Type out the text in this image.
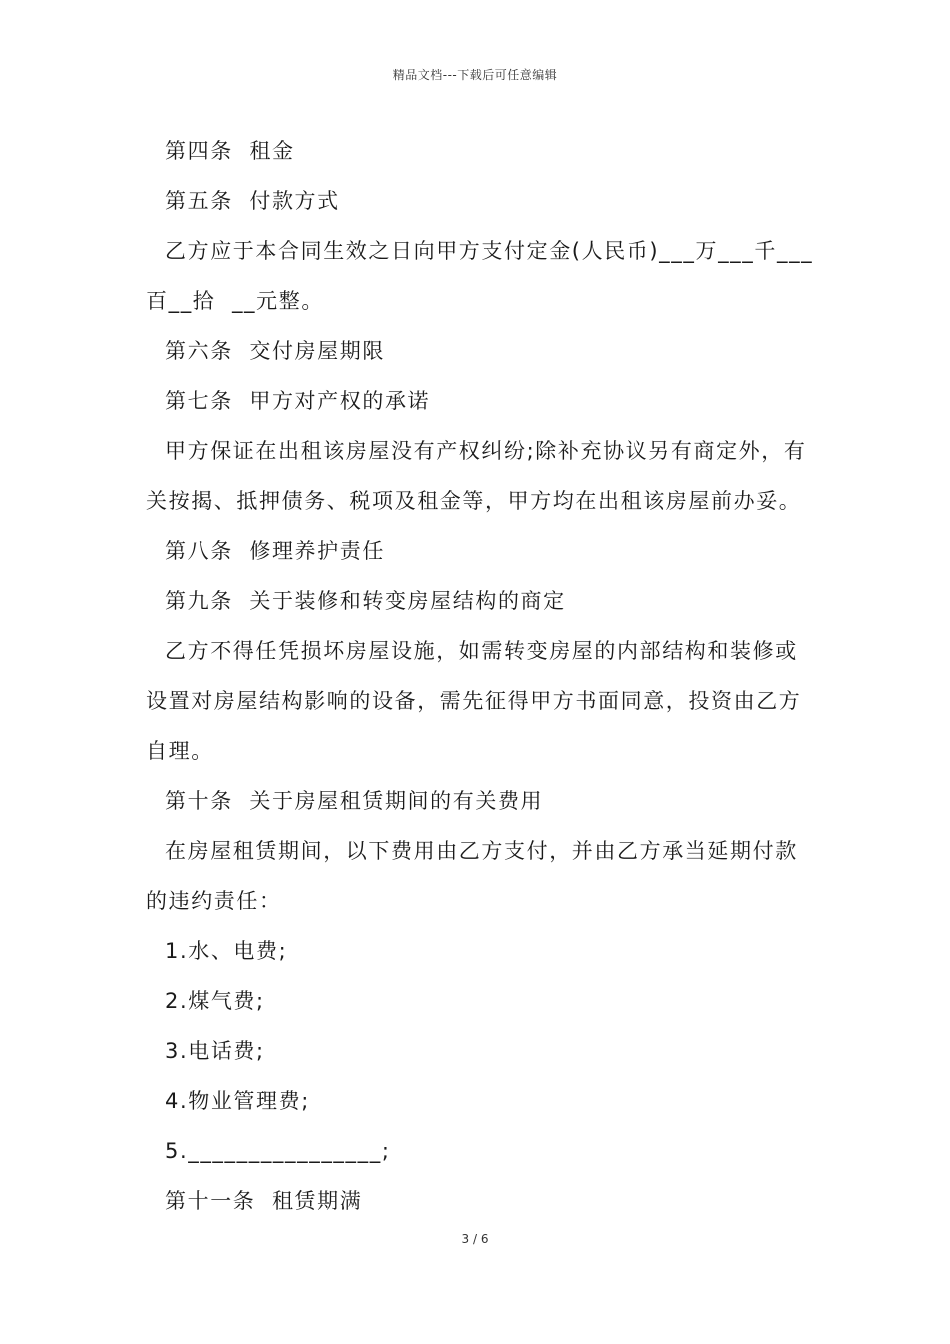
精品文档---下载后可任意编辑

第四条  租金

第五条  付款方式

乙方应于本合同生效之日向甲方支付定金(人民币)___万___千___百__拾  __元整。

第六条  交付房屋期限

第七条  甲方对产权的承诺

甲方保证在出租该房屋没有产权纠纷;除补充协议另有商定外，有关按揭、抵押债务、税项及租金等，甲方均在出租该房屋前办妥。

第八条  修理养护责任

第九条  关于装修和转变房屋结构的商定

乙方不得任凭损坏房屋设施，如需转变房屋的内部结构和装修或设置对房屋结构影响的设备，需先征得甲方书面同意，投资由乙方自理。

第十条  关于房屋租赁期间的有关费用

在房屋租赁期间，以下费用由乙方支付，并由乙方承当延期付款的违约责任：

1.水、电费;

2.煤气费;

3.电话费;

4.物业管理费;

5.________________;

第十一条  租赁期满

3 / 6
